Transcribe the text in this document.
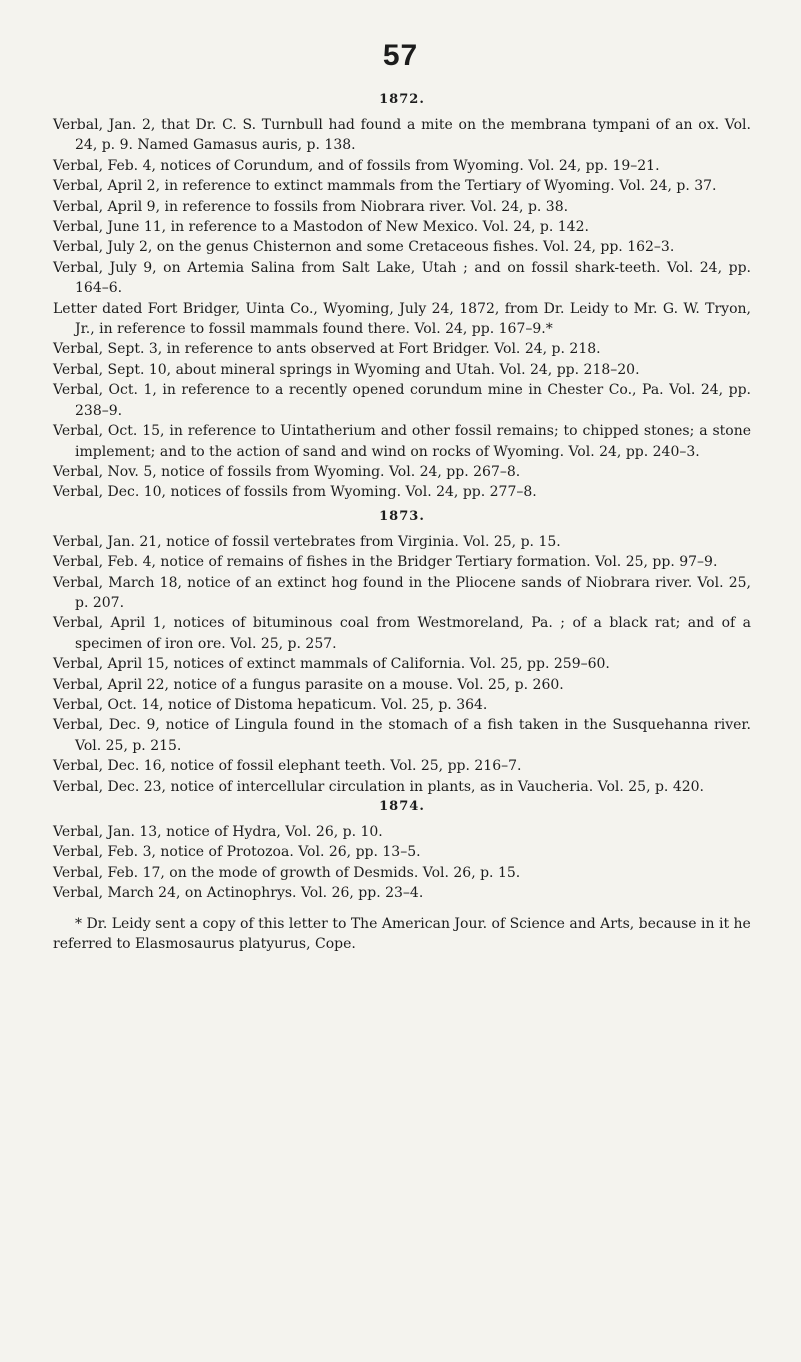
57
1872.

Verbal, Jan. 2, that Dr. C. S. Turnbull had found a mite on the membrana tympani of an ox. Vol. 24, p. 9. Named Gamasus auris, p. 138.

Verbal, Feb. 4, notices of Corundum, and of fossils from Wyoming. Vol. 24, pp. 19–21.

Verbal, April 2, in reference to extinct mammals from the Tertiary of Wyoming. Vol. 24, p. 37.

Verbal, April 9, in reference to fossils from Niobrara river. Vol. 24, p. 38.

Verbal, June 11, in reference to a Mastodon of New Mexico. Vol. 24, p. 142.

Verbal, July 2, on the genus Chisternon and some Cretaceous fishes. Vol. 24, pp. 162–3.

Verbal, July 9, on Artemia Salina from Salt Lake, Utah ; and on fossil shark-teeth. Vol. 24, pp. 164–6.

Letter dated Fort Bridger, Uinta Co., Wyoming, July 24, 1872, from Dr. Leidy to Mr. G. W. Tryon, Jr., in reference to fossil mammals found there. Vol. 24, pp. 167–9.*

Verbal, Sept. 3, in reference to ants observed at Fort Bridger. Vol. 24, p. 218.

Verbal, Sept. 10, about mineral springs in Wyoming and Utah. Vol. 24, pp. 218–20.

Verbal, Oct. 1, in reference to a recently opened corundum mine in Chester Co., Pa. Vol. 24, pp. 238–9.

Verbal, Oct. 15, in reference to Uintatherium and other fossil remains; to chipped stones; a stone implement; and to the action of sand and wind on rocks of Wyoming. Vol. 24, pp. 240–3.

Verbal, Nov. 5, notice of fossils from Wyoming. Vol. 24, pp. 267–8.

Verbal, Dec. 10, notices of fossils from Wyoming. Vol. 24, pp. 277–8.

1873.

Verbal, Jan. 21, notice of fossil vertebrates from Virginia. Vol. 25, p. 15.

Verbal, Feb. 4, notice of remains of fishes in the Bridger Tertiary formation. Vol. 25, pp. 97–9.

Verbal, March 18, notice of an extinct hog found in the Pliocene sands of Niobrara river. Vol. 25, p. 207.

Verbal, April 1, notices of bituminous coal from Westmoreland, Pa. ; of a black rat; and of a specimen of iron ore. Vol. 25, p. 257.

Verbal, April 15, notices of extinct mammals of California. Vol. 25, pp. 259–60.

Verbal, April 22, notice of a fungus parasite on a mouse. Vol. 25, p. 260.

Verbal, Oct. 14, notice of Distoma hepaticum. Vol. 25, p. 364.

Verbal, Dec. 9, notice of Lingula found in the stomach of a fish taken in the Susquehanna river. Vol. 25, p. 215.

Verbal, Dec. 16, notice of fossil elephant teeth. Vol. 25, pp. 216–7.

Verbal, Dec. 23, notice of intercellular circulation in plants, as in Vaucheria. Vol. 25, p. 420.

1874.

Verbal, Jan. 13, notice of Hydra, Vol. 26, p. 10.

Verbal, Feb. 3, notice of Protozoa. Vol. 26, pp. 13–5.

Verbal, Feb. 17, on the mode of growth of Desmids. Vol. 26, p. 15.

Verbal, March 24, on Actinophrys. Vol. 26, pp. 23–4.

* Dr. Leidy sent a copy of this letter to The American Jour. of Science and Arts, because in it he referred to Elasmosaurus platyurus, Cope.
